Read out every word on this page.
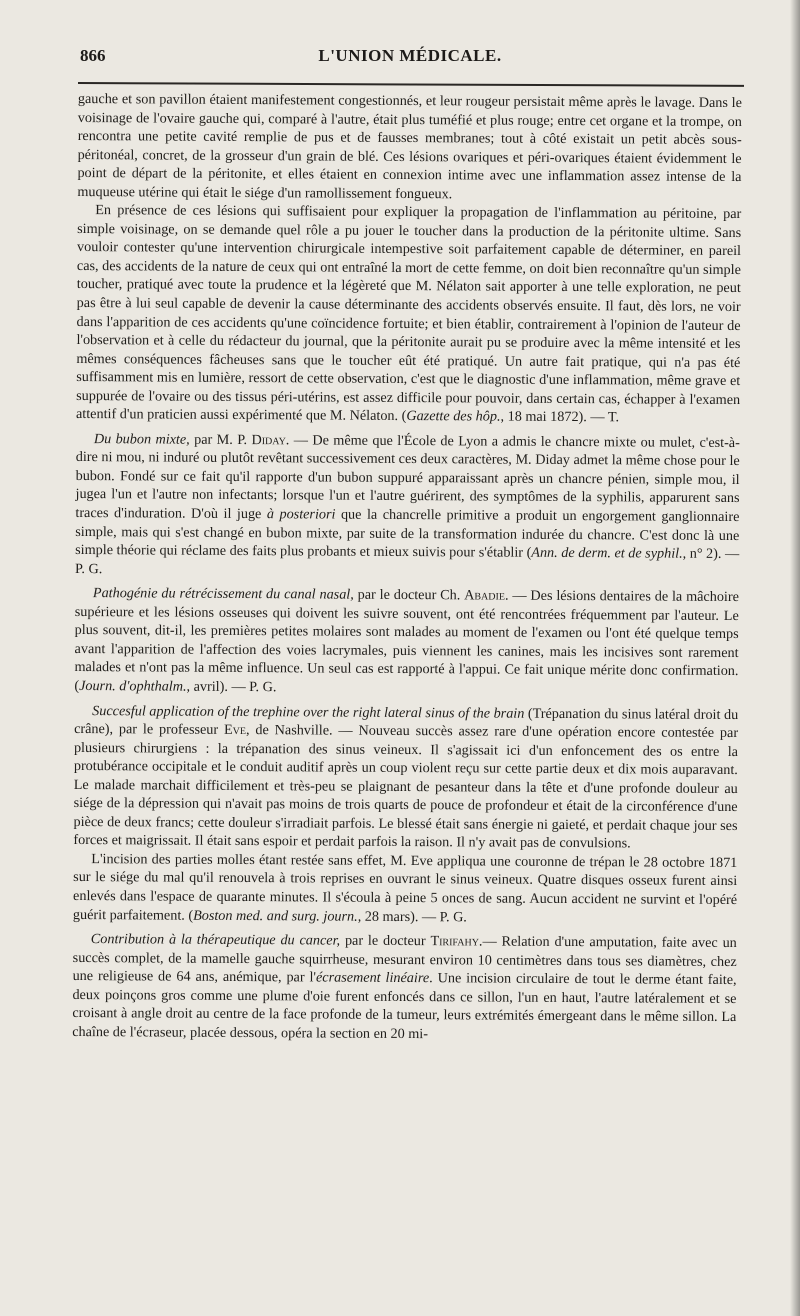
866	L'UNION MÉDICALE.

gauche et son pavillon étaient manifestement congestionnés, et leur rougeur persistait même après le lavage. Dans le voisinage de l'ovaire gauche qui, comparé à l'autre, était plus tuméfié et plus rouge; entre cet organe et la trompe, on rencontra une petite cavité remplie de pus et de fausses membranes; tout à côté existait un petit abcès sous-péritonéal, concret, de la grosseur d'un grain de blé. Ces lésions ovariques et péri-ovariques étaient évidemment le point de départ de la péritonite, et elles étaient en connexion intime avec une inflammation assez intense de la muqueuse utérine qui était le siége d'un ramollissement fongueux.

En présence de ces lésions qui suffisaient pour expliquer la propagation de l'inflammation au péritoine, par simple voisinage, on se demande quel rôle a pu jouer le toucher dans la production de la péritonite ultime. Sans vouloir contester qu'une intervention chirurgicale intempestive soit parfaitement capable de déterminer, en pareil cas, des accidents de la nature de ceux qui ont entraîné la mort de cette femme, on doit bien reconnaître qu'un simple toucher, pratiqué avec toute la prudence et la légèreté que M. Nélaton sait apporter à une telle exploration, ne peut pas être à lui seul capable de devenir la cause déterminante des accidents observés ensuite. Il faut, dès lors, ne voir dans l'apparition de ces accidents qu'une coïncidence fortuite; et bien établir, contrairement à l'opinion de l'auteur de l'observation et à celle du rédacteur du journal, que la péritonite aurait pu se produire avec la même intensité et les mêmes conséquences fâcheuses sans que le toucher eût été pratiqué. Un autre fait pratique, qui n'a pas été suffisamment mis en lumière, ressort de cette observation, c'est que le diagnostic d'une inflammation, même grave et suppurée de l'ovaire ou des tissus péri-utérins, est assez difficile pour pouvoir, dans certain cas, échapper à l'examen attentif d'un praticien aussi expérimenté que M. Nélaton. (Gazette des hôp., 18 mai 1872). — T.

Du bubon mixte, par M. P. Diday. — De même que l'École de Lyon a admis le chancre mixte ou mulet, c'est-à-dire ni mou, ni induré ou plutôt revêtant successivement ces deux caractères, M. Diday admet la même chose pour le bubon. Fondé sur ce fait qu'il rapporte d'un bubon suppuré apparaissant après un chancre pénien, simple mou, il jugea l'un et l'autre non infectants; lorsque l'un et l'autre guérirent, des symptômes de la syphilis, apparurent sans traces d'induration. D'où il juge à posteriori que la chancrelle primitive a produit un engorgement ganglionnaire simple, mais qui s'est changé en bubon mixte, par suite de la transformation indurée du chancre. C'est donc là une simple théorie qui réclame des faits plus probants et mieux suivis pour s'établir (Ann. de derm. et de syphil., n° 2). — P. G.

Pathogénie du rétrécissement du canal nasal, par le docteur Ch. Abadie. — Des lésions dentaires de la mâchoire supérieure et les lésions osseuses qui doivent les suivre souvent, ont été rencontrées fréquemment par l'auteur. Le plus souvent, dit-il, les premières petites molaires sont malades au moment de l'examen ou l'ont été quelque temps avant l'apparition de l'affection des voies lacrymales, puis viennent les canines, mais les incisives sont rarement malades et n'ont pas la même influence. Un seul cas est rapporté à l'appui. Ce fait unique mérite donc confirmation. (Journ. d'ophthalm., avril). — P. G.

Succesful application of the trephine over the right lateral sinus of the brain (Trépanation du sinus latéral droit du crâne), par le professeur Eve, de Nashville. — Nouveau succès assez rare d'une opération encore contestée par plusieurs chirurgiens : la trépanation des sinus veineux. Il s'agissait ici d'un enfoncement des os entre la protubérance occipitale et le conduit auditif après un coup violent reçu sur cette partie deux et dix mois auparavant. Le malade marchait difficilement et très-peu se plaignant de pesanteur dans la tête et d'une profonde douleur au siége de la dépression qui n'avait pas moins de trois quarts de pouce de profondeur et était de la circonférence d'une pièce de deux francs; cette douleur s'irradiait parfois. Le blessé était sans énergie ni gaieté, et perdait chaque jour ses forces et maigrissait. Il était sans espoir et perdait parfois la raison. Il n'y avait pas de convulsions.

L'incision des parties molles étant restée sans effet, M. Eve appliqua une couronne de trépan le 28 octobre 1871 sur le siége du mal qu'il renouvela à trois reprises en ouvrant le sinus veineux. Quatre disques osseux furent ainsi enlevés dans l'espace de quarante minutes. Il s'écoula à peine 5 onces de sang. Aucun accident ne survint et l'opéré guérit parfaitement. (Boston med. and surg. journ., 28 mars). — P. G.

Contribution à la thérapeutique du cancer, par le docteur Tirifahy.— Relation d'une amputation, faite avec un succès complet, de la mamelle gauche squirrheuse, mesurant environ 10 centimètres dans tous ses diamètres, chez une religieuse de 64 ans, anémique, par l'écrasement linéaire. Une incision circulaire de tout le derme étant faite, deux poinçons gros comme une plume d'oie furent enfoncés dans ce sillon, l'un en haut, l'autre latéralement et se croisant à angle droit au centre de la face profonde de la tumeur, leurs extrémités émergeant dans le même sillon. La chaîne de l'écraseur, placée dessous, opéra la section en 20 mi-
